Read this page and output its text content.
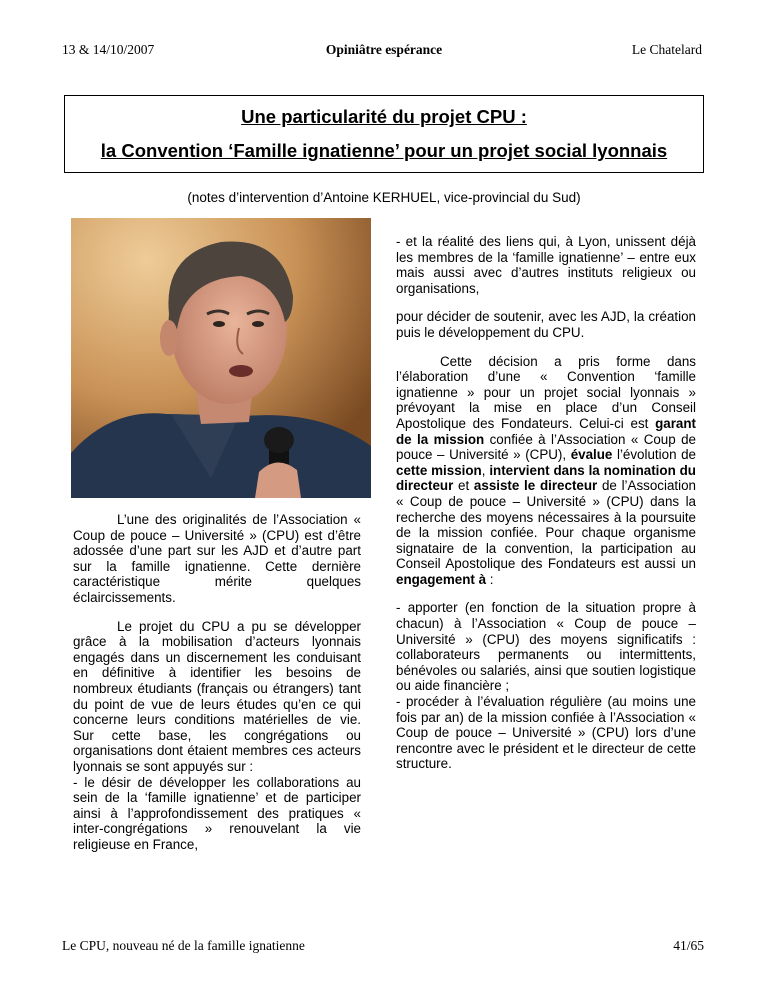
13 & 14/10/2007	Opiniâtre espérance	Le Chatelard
Une particularité du projet CPU :
la Convention ‘Famille ignatienne’ pour un projet social lyonnais
(notes d’intervention d’Antoine KERHUEL, vice-provincial du Sud)

L’une des originalités de l’Association « Coup de pouce – Université » (CPU) est d’être adossée d’une part sur les AJD et d’autre part sur la famille ignatienne. Cette dernière caractéristique mérite quelques éclaircissements.

Le projet du CPU a pu se développer grâce à la mobilisation d’acteurs lyonnais engagés dans un discernement les conduisant en définitive à identifier les besoins de nombreux étudiants (français ou étrangers) tant du point de vue de leurs études qu’en ce qui concerne leurs conditions matérielles de vie. Sur cette base, les congrégations ou organisations dont étaient membres ces acteurs lyonnais se sont appuyés sur :

- le désir de développer les collaborations au sein de la ‘famille ignatienne’ et de participer ainsi à l’approfondissement des pratiques « inter-congrégations » renouvelant la vie religieuse en France,

- et la réalité des liens qui, à Lyon, unissent déjà les membres de la ‘famille ignatienne’ – entre eux mais aussi avec d’autres instituts religieux ou organisations,

pour décider de soutenir, avec les AJD, la création puis le développement du CPU.

Cette décision a pris forme dans l’élaboration d’une « Convention ‘famille ignatienne » pour un projet social lyonnais » prévoyant la mise en place d’un Conseil Apostolique des Fondateurs. Celui-ci est garant de la mission confiée à l’Association « Coup de pouce – Université » (CPU), évalue l’évolution de cette mission, intervient dans la nomination du directeur et assiste le directeur de l’Association « Coup de pouce – Université » (CPU) dans la recherche des moyens nécessaires à la poursuite de la mission confiée. Pour chaque organisme signataire de la convention, la participation au Conseil Apostolique des Fondateurs est aussi un engagement à :

- apporter (en fonction de la situation propre à chacun) à l’Association « Coup de pouce – Université » (CPU) des moyens significatifs : collaborateurs permanents ou intermittents, bénévoles ou salariés, ainsi que soutien logistique ou aide financière ;

- procéder à l’évaluation régulière (au moins une fois par an) de la mission confiée à l’Association « Coup de pouce – Université » (CPU) lors d’une rencontre avec le président et le directeur de cette structure.

Le CPU, nouveau né de la famille ignatienne	41/65
